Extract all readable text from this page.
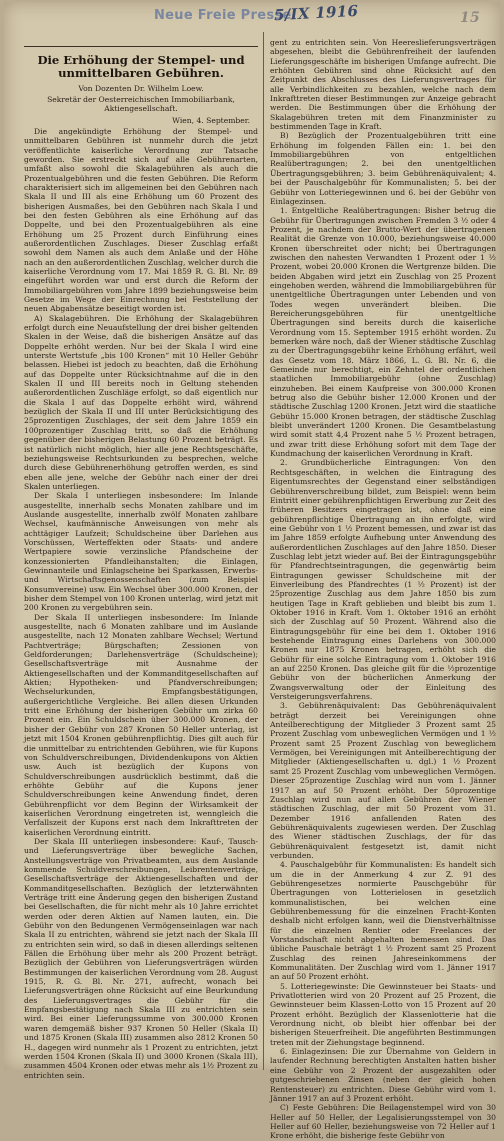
Neue Freie Presse
5/IX 1916	15
Die Erhöhung der Stempel- und unmittelbaren Gebühren.
Von Dozenten Dr. Wilhelm Loew.
Sekretär der Oesterreichischen Immobiliarbank, Aktiengesellschaft.
Wien, 4. September.

Die angekündigte Erhöhung der Stempel- und unmittelbaren Gebühren ist nunmehr durch die jetzt veröffentlichte kaiserliche Verordnung zur Tatsache geworden. Sie erstreckt sich auf alle Gebührenarten, umfaßt also sowohl die Skalagebühren als auch die Prozentualgebühren und die festen Gebühren. Die Reform charakterisiert sich im allgemeinen bei den Gebühren nach Skala II und III als eine Erhöhung um 60 Prozent des bisherigen Ausmaßes, bei den Gebühren nach Skala I und bei den festen Gebühren als eine Erhöhung auf das Doppelte, und bei den Prozentualgebühren als eine Erhöhung um 25 Prozent durch Einführung eines außerordentlichen Zuschlages. Dieser Zuschlag erfaßt sowohl dem Namen als auch dem Anlaße und der Höhe nach an den außerordentlichen Zuschlag, welcher durch die kaiserliche Verordnung vom 17. Mai 1859 R. G. Bl. Nr. 89 eingeführt worden war und erst durch die Reform der Immobiliargebühren vom Jahre 1899 beziehungsweise beim Gesetze im Wege der Einrechnung bei Feststellung der neuen Abgabensätze beseitigt worden ist.

A) Skalagebühren. Die Erhöhung der Skalagebühren erfolgt durch eine Neuaufstellung der drei bisher geltenden Skalen in der Weise, daß die bisherigen Ansätze auf das Doppelte erhöht werden. Nur bei der Skala I wird eine unterste Wertstufe „bis 100 Kronen“ mit 10 Heller Gebühr belassen. Hiebei ist jedoch zu beachten, daß die Erhöhung auf das Doppelte unter Rücksichtnahme auf die in den Skalen II und III bereits noch in Geltung stehenden außerordentlichen Zuschläge erfolgt, so daß eigentlich nur die Skala I auf das Doppelte erhöht wird, während bezüglich der Skala II und III unter Berücksichtigung des 25prozentigen Zuschlages, der seit dem Jahre 1859 ein 100prozentiger Zuschlag tritt, so daß die Erhöhung gegenüber der bisherigen Belastung 60 Prozent beträgt. Es ist natürlich nicht möglich, hier alle jene Rechtsgeschäfte, beziehungsweise Rechtsurkunden zu besprechen, welche durch diese Gebührenerhöhung getroffen werden, es sind eben alle jene, welche der Gebühr nach einer der drei Skalen unterliegen.

Der Skala I unterliegen insbesondere: Im Inlande ausgestellte, innerhalb sechs Monaten zahlbare und im Auslande ausgestellte, innerhalb zwölf Monaten zahlbare Wechsel, kaufmännische Anweisungen von mehr als achttägiger Laufzeit; Schuldscheine über Darlehen aus Vorschüssen, Werteffekten oder Staats- und andere Wertpapiere sowie verzinsliche Pfandscheine der konzessionierten Pfandleihanstalten; die Einlagen, Gewinnanteile und Einlagscheine bei Sparkassen, Erwerbs- und Wirtschaftsgenossenschaften (zum Beispiel Konsumvereine) usw. Ein Wechsel über 300.000 Kronen, der bisher dem Stempel von 100 Kronen unterlag, wird jetzt mit 200 Kronen zu vergebühren sein.

Der Skala II unterliegen insbesondere: Im Inlande ausgestellte, nach 6 Monaten zahlbare und im Auslande ausgestellte, nach 12 Monaten zahlbare Wechsel; Wertund Pachtverträge; Bürgschaften; Zessionen von Geldforderungen; Darlehensverträge (Schuldscheine); Gesellschaftsverträge mit Ausnahme der Aktiengesellschaften und der Kommanditgesellschaften auf Aktien; Hypotheken- und Pfandverschreibungen; Wechselurkunden, Empfangsbestätigungen, außergerichtliche Vergleiche. Bei allen diesen Urkunden tritt eine Erhöhung der bisherigen Gebühr um zirka 60 Prozent ein. Ein Schuldschein über 300.000 Kronen, der bisher der Gebühr von 287 Kronen 50 Heller unterlag, ist jetzt mit 1504 Kronen gebührenpflichtig. Dies gilt auch für die unmittelbar zu entrichtenden Gebühren, wie für Kupons von Schuldverschreibungen, Dividendenkupons von Aktien usw. Auch ist bezüglich der Kupons von Schuldverschreibungen ausdrücklich bestimmt, daß die erhöhte Gebühr auf die Kupons jener Schuldverschreibungen keine Anwendung findet, deren Gebührenpflicht vor dem Beginn der Wirksamkeit der kaiserlichen Verordnung eingetreten ist, wenngleich die Verfallszeit der Kupons erst nach dem Inkrafttreten der kaiserlichen Verordnung eintritt.

Der Skala III unterliegen insbesondere: Kauf-, Tausch- und Lieferungsverträge über bewegliche Sachen, Anstellungsverträge von Privatbeamten, aus dem Auslande kommende Schuldverschreibungen, Leibrentenverträge, Gesellschaftsverträge der Aktiengesellschaften und der Kommanditgesellschaften. Bezüglich der letzterwähnten Verträge tritt eine Änderung gegen den bisherigen Zustand bei Gesellschaften, die für nicht mehr als 10 Jahre errichtet werden oder deren Aktien auf Namen lauten, ein. Die Gebühr von den Bedungenen Vermögenseinlagen war nach Skala II zu entrichten, während sie jetzt nach der Skala III zu entrichten sein wird, so daß in diesen allerdings seltenen Fällen die Erhöhung über mehr als 200 Prozent beträgt. Bezüglich der Gebühren von Lieferungsverträgen würden Bestimmungen der kaiserlichen Verordnung vom 28. August 1915, R. G. Bl. Nr. 271, aufrecht, wonach bei Lieferungsverträgen ohne Rücksicht auf eine Beurkundung des Lieferungsvertrages die Gebühr für die Empfangsbestätigung nach Skala III zu entrichten sein wird. Bei einer Lieferungssumme von 300.000 Kronen waren demgemäß bisher 937 Kronen 50 Heller (Skala II) und 1875 Kronen (Skala III) zusammen also 2812 Kronen 50 H., dagegen wird nunmehr als 1 Prozent zu entrichten, jetzt werden 1504 Kronen (Skala II) und 3000 Kronen (Skala III), zusammen 4504 Kronen oder etwas mehr als 1½ Prozent zu entrichten sein.

gent zu entrichten sein. Von Heereslieferungsverträgen abgesehen, bleibt die Gebührenfreiheit der laufenden Lieferungsgeschäfte im bisherigen Umfange aufrecht. Die erhöhten Gebühren sind ohne Rücksicht auf den Zeitpunkt des Abschlusses des Lieferungsvertrages für alle Verbindlichkeiten zu bezahlen, welche nach dem Inkrafttreten dieser Bestimmungen zur Anzeige gebracht werden. Die Bestimmungen über die Erhöhung der Skalagebühren treten mit dem Finanzminister zu bestimmenden Tage in Kraft.

B) Bezüglich der Prozentualgebühren tritt eine Erhöhung im folgenden Fällen ein: 1. bei den Immobiliargebühren von entgeltlichen Realübertragungen; 2. bei den unentgeltlichen Übertragungsgebühren; 3. beim Gebührenäquivalent; 4. bei der Pauschalgebühr für Kommunalisten; 5. bei der Gebühr von Lotteriegewinnen und 6. bei der Gebühr von Einlagezinsen.

1. Entgeltliche Realübertragungen: Bisher betrug die Gebühr für Übertragungen zwischen Fremden 3 ½ oder 4 Prozent, je nachdem der Brutto-Wert der übertragenen Realität die Grenze von 10.000, beziehungsweise 40.000 Kronen überschreitet oder nicht; bei Übertragungen zwischen den nahesten Verwandten 1 Prozent oder 1 ½ Prozent, wobei 20.000 Kronen die Wertgrenze bilden. Die beiden Abgaben wird jetzt ein Zuschlag von 25 Prozent eingehoben werden, während die Immobiliargebühren für unentgeltliche Übertragungen unter Lebenden und von Todes wegen unverändert bleiben. Die Bereicherungsgebühren für unentgeltliche Übertragungen sind bereits durch die kaiserliche Verordnung vom 15. September 1915 erhöht worden. Zu bemerken wäre noch, daß der Wiener städtische Zuschlag zu der Übertragungsgebühr keine Erhöhung erfährt, weil das Gesetz vom 18. März 1866, L. G. Bl. Nr. 6, die Gemeinde nur berechtigt, ein Zehntel der ordentlichen staatlichen Immobiliargebühr (ohne Zuschlag) einzuheben. Bei einem Kaufpreise von 300.000 Kronen betrug also die Gebühr bisher 12.000 Kronen und der städtische Zuschlag 1200 Kronen. Jetzt wird die staatliche Gebühr 15.000 Kronen betragen, der städtische Zuschlag bleibt unverändert 1200 Kronen. Die Gesamtbelastung wird somit statt 4,4 Prozent nahe 5 ½ Prozent betragen, und zwar tritt diese Erhöhung sofort mit dem Tage der Kundmachung der kaiserlichen Verordnung in Kraft.

2. Grundbücherliche Eintragungen: Von den Rechtsgeschäften, in welchen die Eintragung des Eigentumsrechtes der Gegenstand einer selbständigen Gebührenverschreibung bildet, zum Beispiel: wenn beim Eintritt einer gebührenpflichtigen Erwerbung zur Zeit des früheren Besitzers eingetragen ist, ohne daß eine gebührenpflichtige Übertragung an ihn erfolgte, wird eine Gebühr von 1 ½ Prozent bemessen, und zwar ist das im Jahre 1859 erfolgte Aufhebung unter Anwendung des außerordentlichen Zuschlages auf den Jahre 1850. Dieser Zuschlag lebt jetzt wieder auf. Bei der Eintragungsgebühr für Pfandrechtseintragungen, die gegenwärtig beim Eintragungen gewisser Schuldscheine mit der Einverleibung des Pfandrechtes (1 ½ Prozent) ist der 25prozentige Zuschlag aus dem Jahre 1850 bis zum heutigen Tage in Kraft geblieben und bleibt bis zum 1. Oktober 1916 in Kraft. Vom 1. Oktober 1916 an erhöht sich der Zuschlag auf 50 Prozent. Während also die Eintragungsgebühr für eine bei dem 1. Oktober 1916 bestehende Eintragung eines Darlehens von 300.000 Kronen nur 1875 Kronen betragen, erhöht sich die Gebühr für eine solche Eintragung vom 1. Oktober 1916 an auf 2250 Kronen. Das gleiche gilt für die ½prozentige Gebühr von der bücherlichen Anmerkung der Zwangsverwaltung oder der Einleitung des Versteigerungsverfahrens.

3. Gebührenäquivalent: Das Gebührenäquivalent beträgt derzeit bei Vereinigungen ohne Anteilberechtigung der Mitglieder 3 Prozent samt 25 Prozent Zuschlag vom unbeweglichen Vermögen und 1 ½ Prozent samt 25 Prozent Zuschlag von beweglichem Vermögen, bei Vereinigungen mit Anteilberechtigung der Mitglieder (Aktiengesellschaften u. dgl.) 1 ½ Prozent samt 25 Prozent Zuschlag vom unbeweglichen Vermögen. Dieser 25prozentige Zuschlag wird nun vom 1. Jänner 1917 an auf 50 Prozent erhöht. Der 50prozentige Zuschlag wird nun auf allen Gebühren der Wiener städtischen Zuschlag, der mit 50 Prozent vom 31. Dezember 1916 anfallenden Raten des Gebührenäquivalents zugewiesen werden. Der Zuschlag des Wiener städtischen Zuschlags, der für das Gebührenäquivalent festgesetzt ist, damit nicht verbunden.

4. Pauschalgebühr für Kommunalisten: Es handelt sich um die in der Anmerkung 4 zur Z. 91 des Gebührengesetzes normierte Pauschgebühr für Übertragungen von Lotterielosen in gesetzlich kommunalistischen, bei welchen eine Gebührenbemessung für die einzelnen Fracht-Konten deshalb nicht erfolgen kann, weil die Dienstverhältnisse für die einzelnen Rentier oder Freelances der Vorstandschaft nicht abgehalten bemessen sind. Das übliche Pauschale beträgt 1 ½ Prozent samt 25 Prozent Zuschlag des reinen Jahreseinkommens der Kommunalitäten. Der Zuschlag wird vom 1. Jänner 1917 an auf 50 Prozent erhöht.

5. Lotteriegewinste: Die Gewinnsteuer bei Staats- und Privatlotterien wird von 20 Prozent auf 25 Prozent, die Gewinnsteuer beim Klassen-Lotto von 15 Prozent auf 20 Prozent erhöht. Bezüglich der Klassenlotterie hat die Verordnung nicht, ob bleibt hier offenbar bei der bisherigen Steuerfreiheit. Die angeführten Bestimmungen treten mit der Ziehungstage beginnend.

6. Einlagezinsen: Die zur Übernahme von Geldern in laufender Rechnung berechtigten Anstalten hatten bisher eine Gebühr von 2 Prozent der ausgezahlten oder gutgeschriebenen Zinsen (neben der gleich hohen Rentensteuer) zu entrichten. Diese Gebühr wird vom 1. Jänner 1917 an auf 3 Prozent erhöht.

C) Feste Gebühren: Die Beilagenstempel wird von 30 Heller auf 50 Heller, der Legalisierungsstempel von 30 Heller auf 60 Heller, beziehungsweise von 72 Heller auf 1 Krone erhöht, die bisherige feste Gebühr von
